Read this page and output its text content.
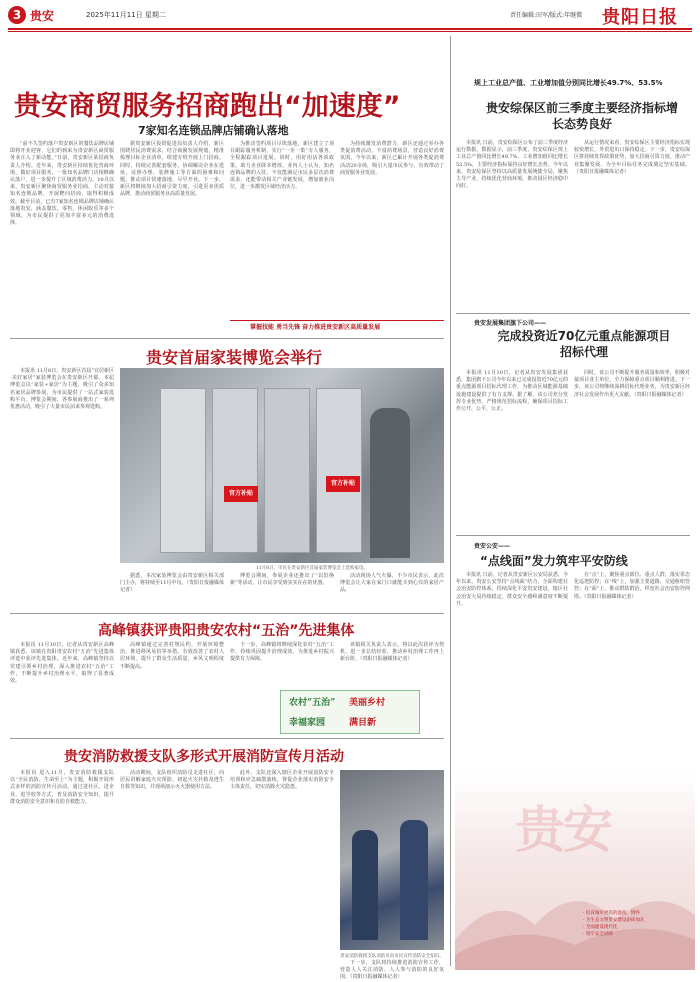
3 贵安	2025年11月11日 星期二	责任编辑:田军/版式:年继微 贵阳日报
贵安商贸服务招商跑出“加速度”
7家知名连锁品牌店铺确认落地

“前不久签约落户贵安新区的餐饮品牌店铺即将开业迎客，它们的到来为贵安新区商贸服务业注入了新动能。”日前，贵安新区某招商负责人介绍。近年来，贵安新区持续优化营商环境，做好项目服务，一批知名品牌门店相继确认落户，进一步提升了区域消费活力。10月以来，贵安新区聚焦商贸服务业招商，主动对接知名连锁品牌，开展靶向招商，取得积极成效。截至目前，已有7家知名连锁品牌店铺确认落地贵安，涵盖餐饮、零售、休闲娱乐等多个领域，为市民提供了更加丰富多元的消费选择。

据贵安新区投资促进局负责人介绍，新区围绕居民消费需求，结合商圈发展规划，精准梳理目标企业清单，组建专班开展上门招商。同时，持续完善配套服务，协调解决企业在选址、证照办理、装修施工等方面的困难和问题，推动项目快速落地、尽早开业。下一步，新区将继续加大招商引资力度，引进更多优质品牌，推动商贸服务业高质量发展。

为推动签约项目尽快落地，新区建立了项目跟踪服务机制，实行“一企一策”专人服务，全程跟踪项目进展。同时，用好用活各项政策，助力企业降本增效。业内人士认为，知名连锁品牌的入驻，不仅能满足市民多层次消费需求，还能带动相关产业链发展，增加就业岗位，进一步激发区域经济活力。

为持续激发消费潜力，新区还通过举办各类促消费活动，丰富消费场景，营造良好消费氛围。今年以来，新区已累计开展各类促消费活动20余场，吸引大量市民参与，有效带动了商贸服务业发展。

掌握技能 勇当先锋 奋力推进贵安新区高质量发展
规上工业总产值、工业增加值分别同比增长49.7%、53.5%
贵安综保区前三季度主要经济指标增长态势良好

本报讯 日前，贵安综保区公布了前三季度经济运行数据。数据显示，前三季度，贵安综保区规上工业总产值同比增长49.7%，工业增加值同比增长53.5%，主要经济指标保持良好增长态势。今年以来，贵安综保区坚持以高质量发展统揽全局，聚焦主导产业，持续优化营商环境，推动园区经济稳中向好。

从运行情况来看，贵安综保区主要经济指标实现较快增长，外贸进出口保持稳定。下一步，贵安综保区将持续发挥政策优势，加大招商引资力度，推动产业集聚发展，为全年目标任务完成奠定坚实基础。（贵阳日报融媒体记者）

贵安发展集团旗下公司——
完成投资近70亿元重点能源项目招标代理

本报讯 11月10日，记者从贵安发展集团获悉，集团旗下公司今年以来已完成投资近70亿元的重点能源项目招标代理工作，为推动区域能源基础设施建设提供了有力支撑。据了解，该公司充分发挥专业优势，严格规范招标流程，确保项目招标工作公开、公平、公正。

同时，该公司不断提升服务质量和效率，积极对接项目业主单位，全力保障重点项目顺利推进。下一步，该公司将继续深耕招标代理业务，为贵安新区经济社会发展作出更大贡献。（贵阳日报融媒体记者）

贵安公安——
“点线面”发力筑牢平安防线

本报讯 日前，记者从贵安新区公安局获悉，今年以来，贵安公安坚持“点线面”结合，全面构建社会治安防控体系，持续深化平安贵安建设，辖区社会治安大局持续稳定，群众安全感和满意度不断提升。

在“点”上，聚焦重点部位、重点人群，落实常态化巡逻防控；在“线”上，加强主要道路、交通枢纽管控；在“面”上，推动群防群治，织密社会治安防控网络。（贵阳日报融媒体记者）

贵安
· 培育城市更高的温度、情怀
· 为生态文明贵安建设添砖加瓦
· 全面建设现代化
· 筑牢安全屏障
贵安首届家装博览会举行

本报讯 11月8日，贵安新区首届“宜居新区·美好家居”家装博览会在贵安新区开幕。本届博览会以“家装+家居”为主题，吸引了众多知名家居品牌参展，为市民提供了一站式家装选购平台。博览会期间，各参展商推出了一系列优惠活动，吸引了大量市民前来参观选购。

官方补贴
官方补贴
11月8日，市民在贵安新区首届家装博览会上选购家电。

据悉，本次家装博览会由贵安新区相关部门主办，将持续至11月中旬。（贵阳日报融媒体记者）

博览会期间，参展企业还推出了“以旧换新”等活动，让市民享受到实实在在的优惠。

活动现场人气火爆，不少市民表示，此次博览会让大家在家门口就能买到心仪的家居产品。

高峰镇获评贵阳贵安农村“五治”先进集体

本报讯 11月10日，记者从贵安新区高峰镇获悉，该镇在贵阳贵安农村“五治”先进集体评选中获评先进集体。近年来，高峰镇坚持以党建引领乡村治理，深入推进农村“五治”工作，不断提升乡村治理水平，取得了显著成效。

高峰镇通过完善村规民约、开展环境整治、推进移风易俗等举措，有效改善了农村人居环境，提升了群众生活质量，乡风文明程度不断提高。

下一步，高峰镇将继续深化农村“五治”工作，持续巩固提升治理成效，为推进乡村振兴提供有力保障。

该镇相关负责人表示，将以此次获评为契机，进一步总结经验，推动乡村治理工作再上新台阶。（贵阳日报融媒体记者）

农村“五治” 美丽乡村
幸福家园	满目新
贵安消防救援支队多形式开展消防宣传月活动

本报讯 进入11月，贵安消防救援支队以“全民消防、生命至上”为主题，积极开展形式多样的消防宣传月活动，通过进社区、进企业、进学校等方式，普及消防安全知识，提升群众消防安全意识和自防自救能力。

活动期间，支队组织消防员走进社区，向居民讲解家庭火灾预防、初起火灾扑救及逃生自救等知识，并现场演示灭火器使用方法。

此外，支队还深入辖区企业开展消防安全培训和应急疏散演练，督促企业落实消防安全主体责任，切实消除火灾隐患。

贵安消防救援支队消防员向市民宣传消防安全知识。

下一步，支队将持续推进消防宣传工作，营造人人关注消防、人人参与消防的良好氛围。（贵阳日报融媒体记者）
